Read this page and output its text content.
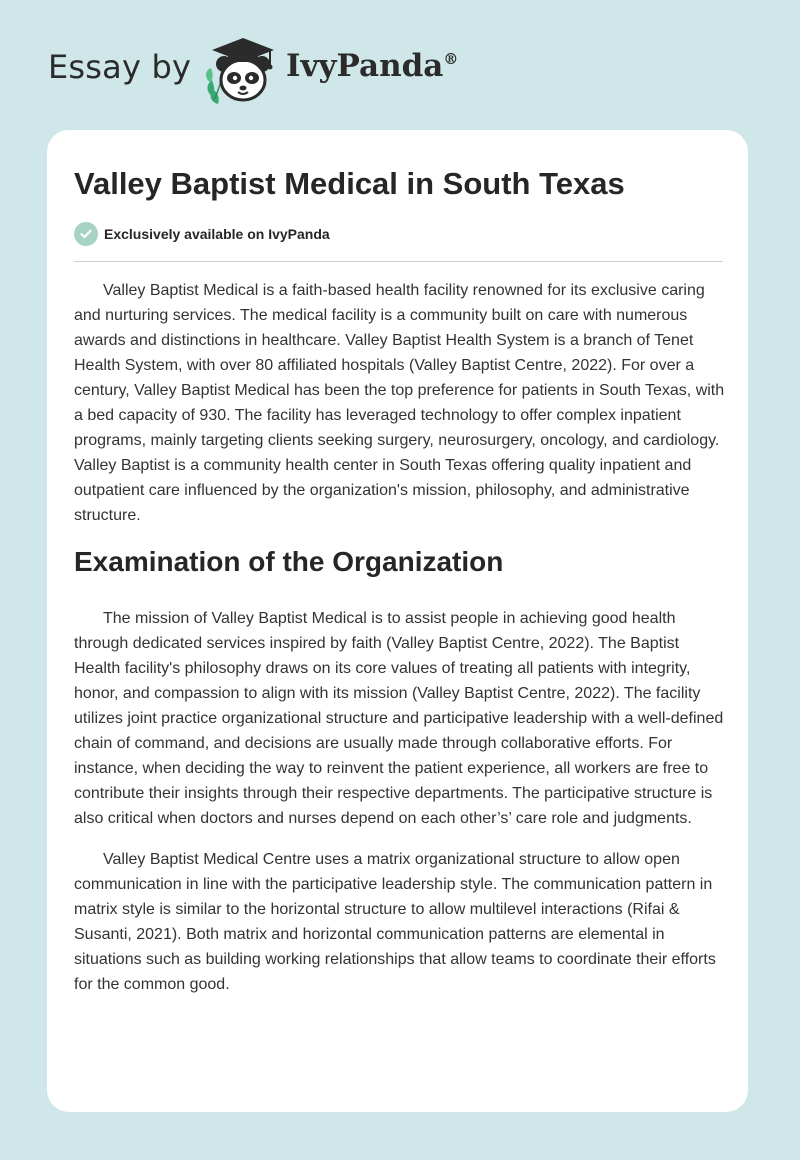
Essay by	IvyPanda®
Valley Baptist Medical in South Texas
Exclusively available on IvyPanda

Valley Baptist Medical is a faith-based health facility renowned for its exclusive caring and nurturing services. The medical facility is a community built on care with numerous awards and distinctions in healthcare. Valley Baptist Health System is a branch of Tenet Health System, with over 80 affiliated hospitals (Valley Baptist Centre, 2022). For over a century, Valley Baptist Medical has been the top preference for patients in South Texas, with a bed capacity of 930. The facility has leveraged technology to offer complex inpatient programs, mainly targeting clients seeking surgery, neurosurgery, oncology, and cardiology. Valley Baptist is a community health center in South Texas offering quality inpatient and outpatient care influenced by the organization's mission, philosophy, and administrative structure.

Examination of the Organization

The mission of Valley Baptist Medical is to assist people in achieving good health through dedicated services inspired by faith (Valley Baptist Centre, 2022). The Baptist Health facility's philosophy draws on its core values of treating all patients with integrity, honor, and compassion to align with its mission (Valley Baptist Centre, 2022). The facility utilizes joint practice organizational structure and participative leadership with a well-defined chain of command, and decisions are usually made through collaborative efforts. For instance, when deciding the way to reinvent the patient experience, all workers are free to contribute their insights through their respective departments. The participative structure is also critical when doctors and nurses depend on each other’s’ care role and judgments.

Valley Baptist Medical Centre uses a matrix organizational structure to allow open communication in line with the participative leadership style. The communication pattern in matrix style is similar to the horizontal structure to allow multilevel interactions (Rifai & Susanti, 2021). Both matrix and horizontal communication patterns are elemental in situations such as building working relationships that allow teams to coordinate their efforts for the common good.
